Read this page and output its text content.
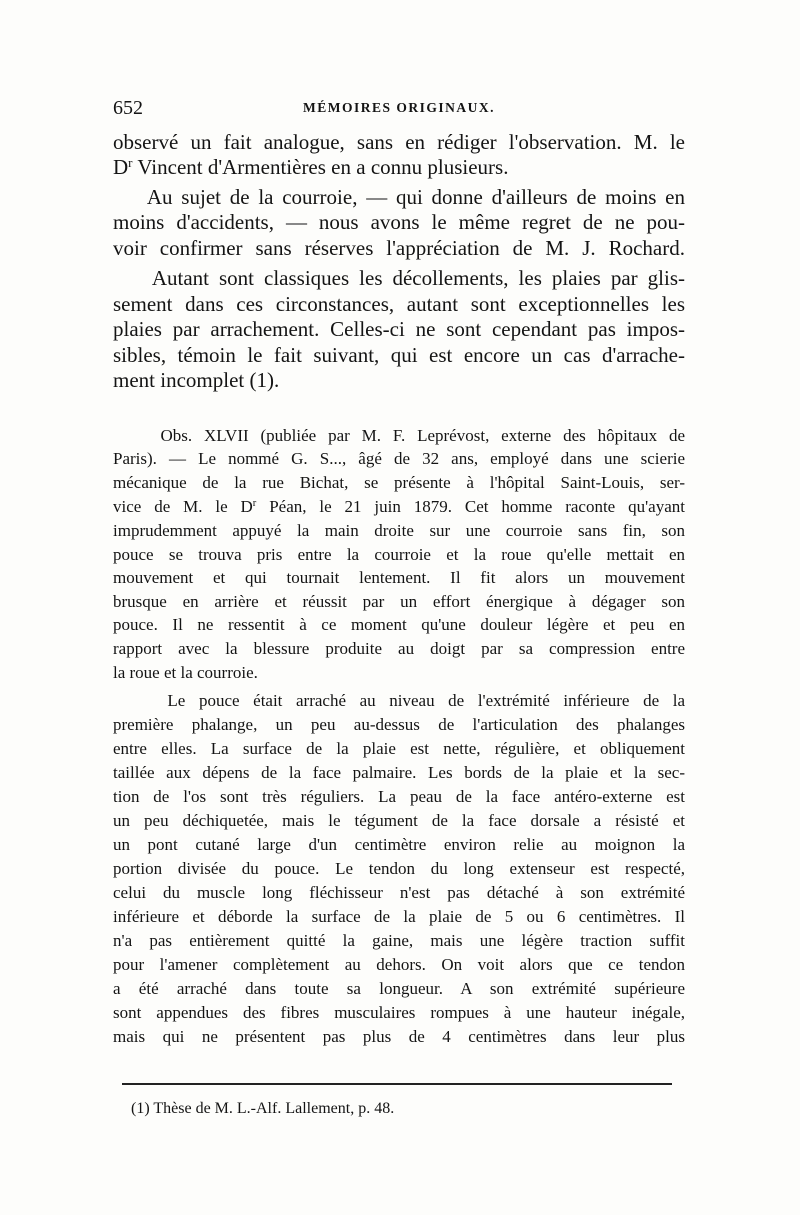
652	MÉMOIRES ORIGINAUX.
observé un fait analogue, sans en rédiger l'observation. M. le
$D^r$ Vincent d'Armentières en a connu plusieurs.
Au sujet de la courroie, — qui donne d'ailleurs de moins en
moins d'accidents, — nous avons le même regret de ne pou-
voir confirmer sans réserves l'appréciation de M. J. Rochard.
Autant sont classiques les décollements, les plaies par glis-
sement dans ces circonstances, autant sont exceptionnelles les
plaies par arrachement. Celles-ci ne sont cependant pas impos-
sibles, témoin le fait suivant, qui est encore un cas d'arrache-
ment incomplet (1).
Obs. XLVII (publiée par M. F. Leprévost, externe des hôpitaux de
Paris). — Le nommé G. S..., âgé de 32 ans, employé dans une scierie
mécanique de la rue Bichat, se présente à l'hôpital Saint-Louis, ser-
vice de M. le $D^r$ Péan, le 21 juin 1879. Cet homme raconte qu'ayant
imprudemment appuyé la main droite sur une courroie sans fin, son
pouce se trouva pris entre la courroie et la roue qu'elle mettait en
mouvement et qui tournait lentement. Il fit alors un mouvement
brusque en arrière et réussit par un effort énergique à dégager son
pouce. Il ne ressentit à ce moment qu'une douleur légère et peu en
rapport avec la blessure produite au doigt par sa compression entre
la roue et la courroie.
Le pouce était arraché au niveau de l'extrémité inférieure de la
première phalange, un peu au-dessus de l'articulation des phalanges
entre elles. La surface de la plaie est nette, régulière, et obliquement
taillée aux dépens de la face palmaire. Les bords de la plaie et la sec-
tion de l'os sont très réguliers. La peau de la face antéro-externe est
un peu déchiquetée, mais le tégument de la face dorsale a résisté et
un pont cutané large d'un centimètre environ relie au moignon la
portion divisée du pouce. Le tendon du long extenseur est respecté,
celui du muscle long fléchisseur n'est pas détaché à son extrémité
inférieure et déborde la surface de la plaie de 5 ou 6 centimètres. Il
n'a pas entièrement quitté la gaine, mais une légère traction suffit
pour l'amener complètement au dehors. On voit alors que ce tendon
a été arraché dans toute sa longueur. A son extrémité supérieure
sont appendues des fibres musculaires rompues à une hauteur inégale,
mais qui ne présentent pas plus de 4 centimètres dans leur plus
(1) Thèse de M. L.-Alf. Lallement, p. 48.
